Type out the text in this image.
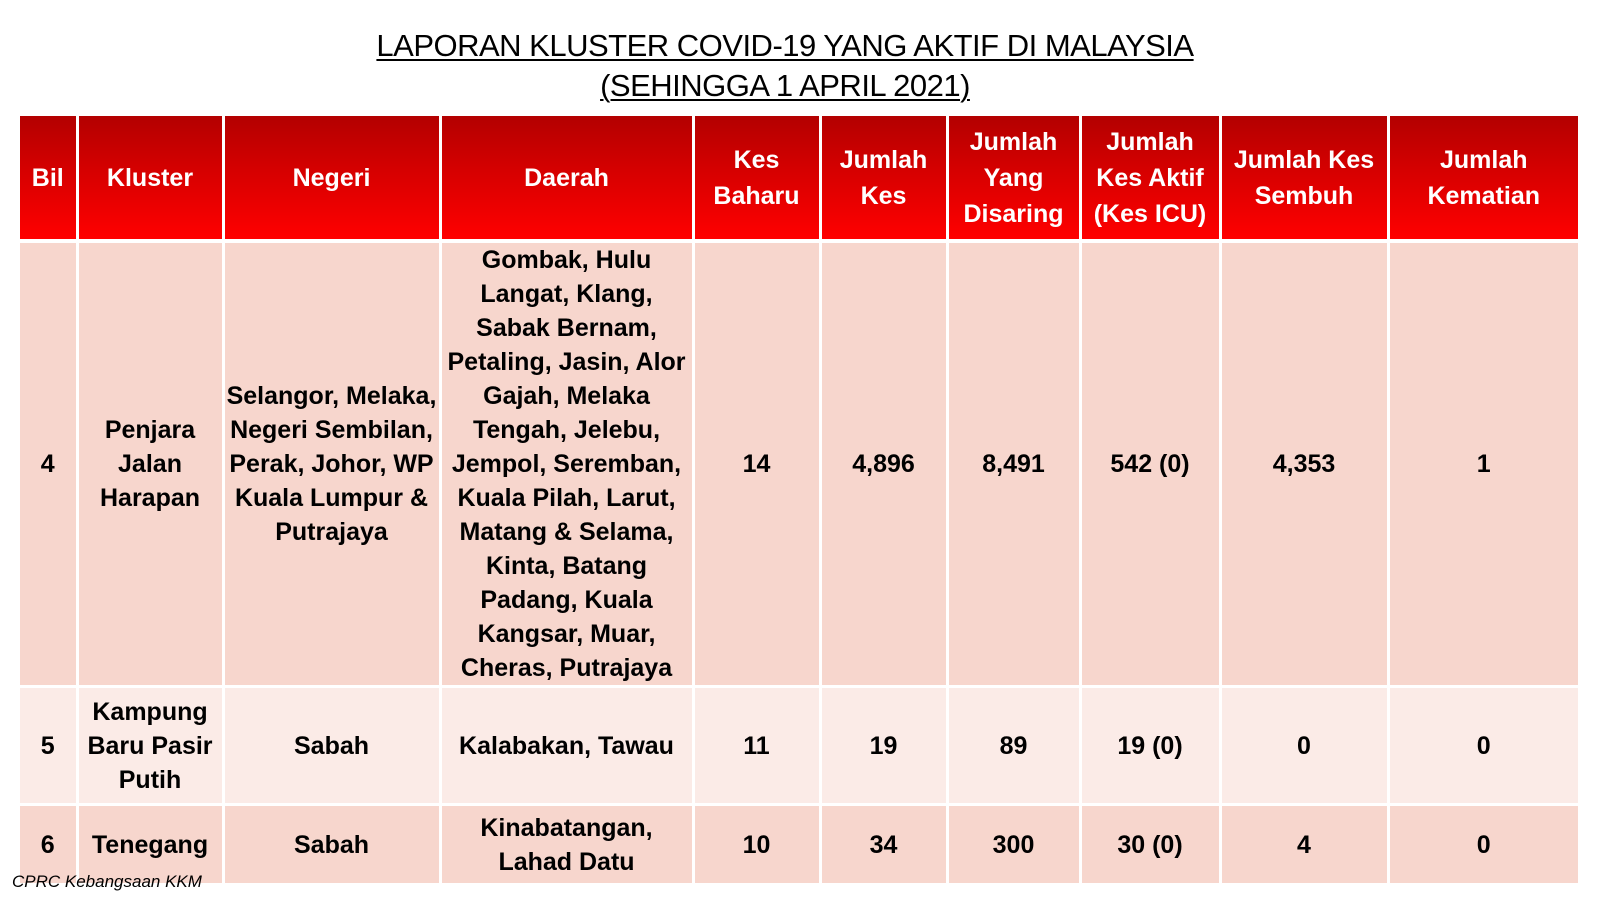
LAPORAN KLUSTER COVID-19 YANG AKTIF DI MALAYSIA
(SEHINGGA 1 APRIL 2021)
Bil	Kluster	Negeri	Daerah	Kes Baharu	Jumlah Kes	Jumlah Yang Disaring	Jumlah Kes Aktif (Kes ICU)	Jumlah Kes Sembuh	Jumlah Kematian
4	Penjara Jalan Harapan	Selangor, Melaka, Negeri Sembilan, Perak, Johor, WP Kuala Lumpur & Putrajaya	Gombak, Hulu Langat, Klang, Sabak Bernam, Petaling, Jasin, Alor Gajah, Melaka Tengah, Jelebu, Jempol, Seremban, Kuala Pilah, Larut, Matang & Selama, Kinta, Batang Padang, Kuala Kangsar, Muar, Cheras, Putrajaya	14	4,896	8,491	542 (0)	4,353	1
5	Kampung Baru Pasir Putih	Sabah	Kalabakan, Tawau	11	19	89	19 (0)	0	0
6	Tenegang	Sabah	Kinabatangan, Lahad Datu	10	34	300	30 (0)	4	0
CPRC Kebangsaan KKM
